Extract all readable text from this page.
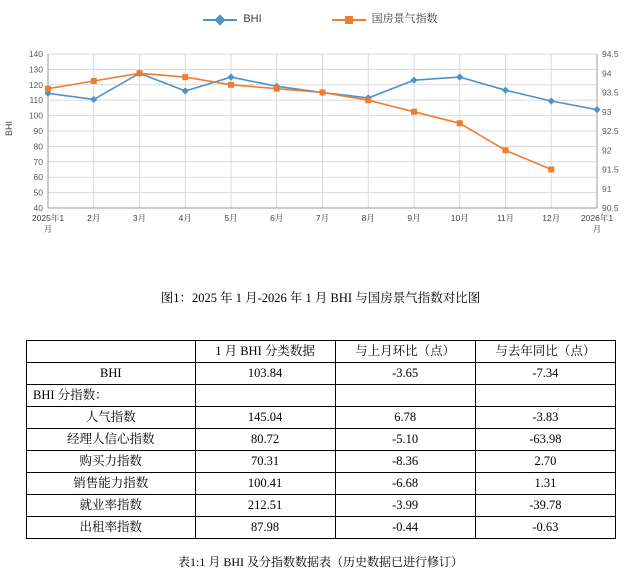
BHI	国房景气指数
BHI
40
50
60
70
80
90
100
110
120
130
140
90.5
91
91.5
92
92.5
93
93.5
94
94.5
2025年1
月
2月	3月	4月	5月	6月	7月	8月	9月	10月	11月	12月 2026年1
月
图1：2025 年 1 月-2026 年 1 月 BHI 与国房景气指数对比图
	1 月 BHI 分类数据	与上月环比（点）	与去年同比（点）
BHI	103.84	-3.65	-7.34
BHI 分指数：			
人气指数	145.04	6.78	-3.83
经理人信心指数	80.72	-5.10	-63.98
购买力指数	70.31	-8.36	2.70
销售能力指数	100.41	-6.68	1.31
就业率指数	212.51	-3.99	-39.78
出租率指数	87.98	-0.44	-0.63
表1:1 月 BHI 及分指数数据表（历史数据已进行修订）
